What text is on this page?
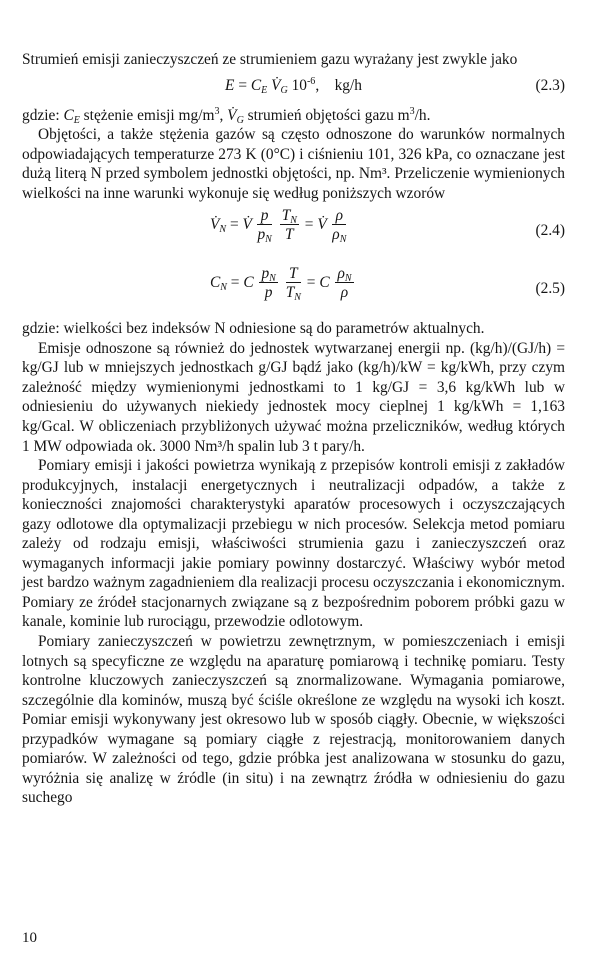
Strumień emisji zanieczyszczeń ze strumieniem gazu wyrażany jest zwykle jako

$E = C_E$ $V̇_G$ $10^{-6}$,    kg/h	(2.3)

gdzie: $C_E$ stężenie emisji $mg/m^3$, $V̇_G$ strumień objętości gazu $m^3/h$.

Objętości, a także stężenia gazów są często odnoszone do warunków normalnych odpowiadających temperaturze 273 K (0°C) i ciśnieniu 101, 326 kPa, co oznaczane jest dużą literą N przed symbolem jednostki objętości, np. Nm³. Przeliczenie wymienionych wielkości na inne warunki wykonuje się według poniższych wzorów

$V̇_N$ = V̇ $\frac{p}{p_N}$
$\frac{T_N}{T}$ = V̇ $\frac{\rho}{\rho_N}$	(2.4)
$C_N = C \frac{p_N}{p}$
$\frac{T}{T_N} = C \frac{\rho_N}{\rho}$	(2.5)

gdzie: wielkości bez indeksów N odniesione są do parametrów aktualnych.

Emisje odnoszone są również do jednostek wytwarzanej energii np. (kg/h)/(GJ/h) = kg/GJ lub w mniejszych jednostkach g/GJ bądź jako (kg/h)/kW = kg/kWh, przy czym zależność między wymienionymi jednostkami to 1 kg/GJ = 3,6 kg/kWh lub w odniesieniu do używanych niekiedy jednostek mocy cieplnej 1 kg/kWh = 1,163 kg/Gcal. W obliczeniach przybliżonych używać można przeliczników, według których 1 MW odpowiada ok. 3000 Nm³/h spalin lub 3 t pary/h.

Pomiary emisji i jakości powietrza wynikają z przepisów kontroli emisji z zakładów produkcyjnych, instalacji energetycznych i neutralizacji odpadów, a także z konieczności znajomości charakterystyki aparatów procesowych i oczyszczających gazy odlotowe dla optymalizacji przebiegu w nich procesów. Selekcja metod pomiaru zależy od rodzaju emisji, właściwości strumienia gazu i zanieczyszczeń oraz wymaganych informacji jakie pomiary powinny dostarczyć. Właściwy wybór metod jest bardzo ważnym zagadnieniem dla realizacji procesu oczyszczania i ekonomicznym. Pomiary ze źródeł stacjonarnych związane są z bezpośrednim poborem próbki gazu w kanale, kominie lub rurociągu, przewodzie odlotowym.

Pomiary zanieczyszczeń w powietrzu zewnętrznym, w pomieszczeniach i emisji lotnych są specyficzne ze względu na aparaturę pomiarową i technikę pomiaru. Testy kontrolne kluczowych zanieczyszczeń są znormalizowane. Wymagania pomiarowe, szczególnie dla kominów, muszą być ściśle określone ze względu na wysoki ich koszt. Pomiar emisji wykonywany jest okresowo lub w sposób ciągły. Obecnie, w większości przypadków wymagane są pomiary ciągłe z rejestracją, monitorowaniem danych pomiarów. W zależności od tego, gdzie próbka jest analizowana w stosunku do gazu, wyróżnia się analizę w źródle (in situ) i na zewnątrz źródła w odniesieniu do gazu suchego

10
